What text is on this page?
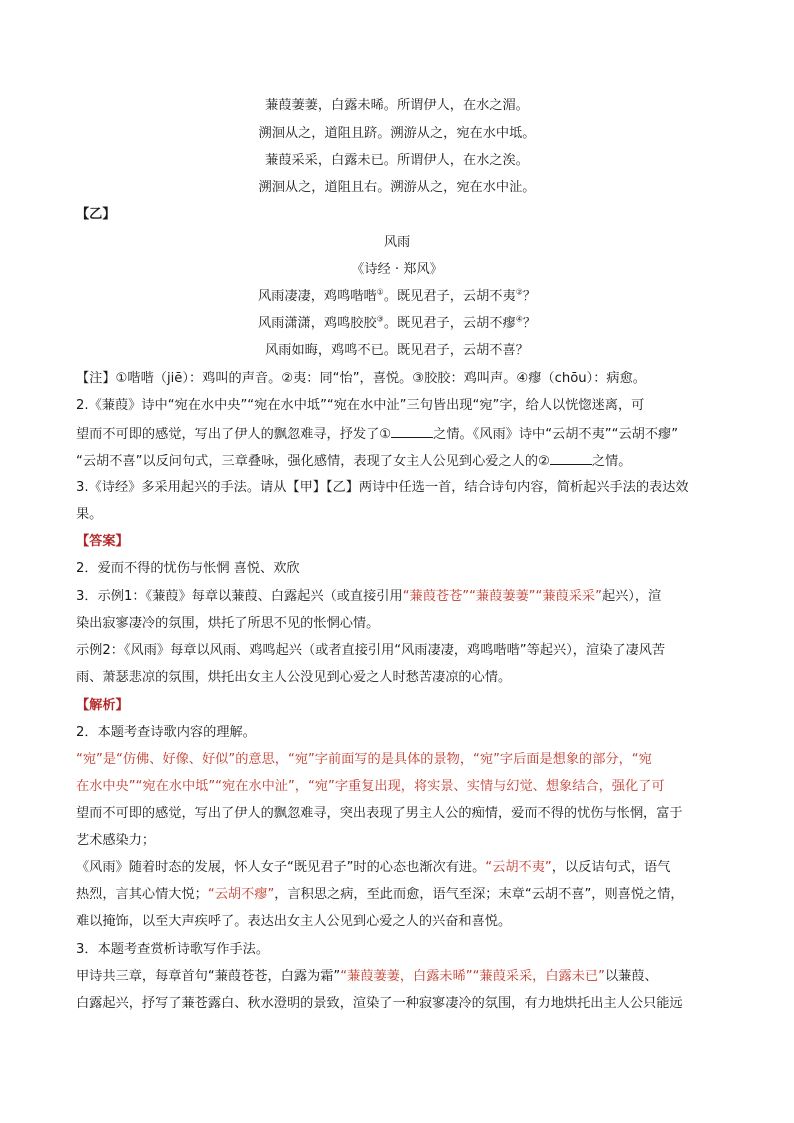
蒹葭萋萋，白露未晞。所谓伊人，在水之湄。

溯洄从之，道阻且跻。溯游从之，宛在水中坻。

蒹葭采采，白露未已。所谓伊人，在水之涘。

溯洄从之，道阻且右。溯游从之，宛在水中沚。

【乙】

风雨

《诗经 · 郑风》

风雨凄凄，鸡鸣喈喈①。既见君子，云胡不夷②？

风雨潇潇，鸡鸣胶胶③。既见君子，云胡不瘳④？

风雨如晦，鸡鸣不已。既见君子，云胡不喜？

【注】①喈喈（jiē）：鸡叫的声音。②夷：同“怡”，喜悦。③胶胶：鸡叫声。④瘳（chōu）：病愈。

2.《蒹葭》诗中“宛在水中央”“宛在水中坻”“宛在水中沚”三句皆出现“宛”字，给人以恍惚迷离，可

望而不可即的感觉，写出了伊人的飘忽难寻，抒发了①	之情。《风雨》诗中“云胡不夷”“云胡不瘳”

“云胡不喜”以反问句式，三章叠咏，强化感情，表现了女主人公见到心爱之人的②	之情。

3.《诗经》多采用起兴的手法。请从【甲】【乙】两诗中任选一首，结合诗句内容，简析起兴手法的表达效

果。

【答案】

2．爱而不得的忧伤与怅惘 喜悦、欢欣

3．示例1：《蒹葭》每章以蒹葭、白露起兴（或直接引用“蒹葭苍苍”“蒹葭萋萋”“蒹葭采采”起兴），渲

染出寂寥凄冷的氛围，烘托了所思不见的怅惘心情。

示例2：《风雨》每章以风雨、鸡鸣起兴（或者直接引用“风雨凄凄，鸡鸣喈喈”等起兴），渲染了凄风苦

雨、萧瑟悲凉的氛围，烘托出女主人公没见到心爱之人时愁苦凄凉的心情。

【解析】

2．本题考查诗歌内容的理解。

“宛”是“仿佛、好像、好似”的意思，“宛”字前面写的是具体的景物，“宛”字后面是想象的部分，“宛

在水中央”“宛在水中坻”“宛在水中沚”，“宛”字重复出现，将实景、实情与幻觉、想象结合，强化了可

望而不可即的感觉，写出了伊人的飘忽难寻，突出表现了男主人公的痴情，爱而不得的忧伤与怅惘，富于

艺术感染力；

《风雨》随着时态的发展，怀人女子“既见君子”时的心态也渐次有进。“云胡不夷”，以反诘句式，语气

热烈，言其心情大悦；“云胡不瘳”，言积思之病，至此而愈，语气至深；末章“云胡不喜”，则喜悦之情，

难以掩饰，以至大声疾呼了。表达出女主人公见到心爱之人的兴奋和喜悦。

3．本题考查赏析诗歌写作手法。

甲诗共三章，每章首句“蒹葭苍苍，白露为霜”“蒹葭萋萋，白露未晞”“蒹葭采采，白露未已”以蒹葭、

白露起兴，抒写了蒹苍露白、秋水澄明的景致，渲染了一种寂寥凄冷的氛围，有力地烘托出主人公只能远
